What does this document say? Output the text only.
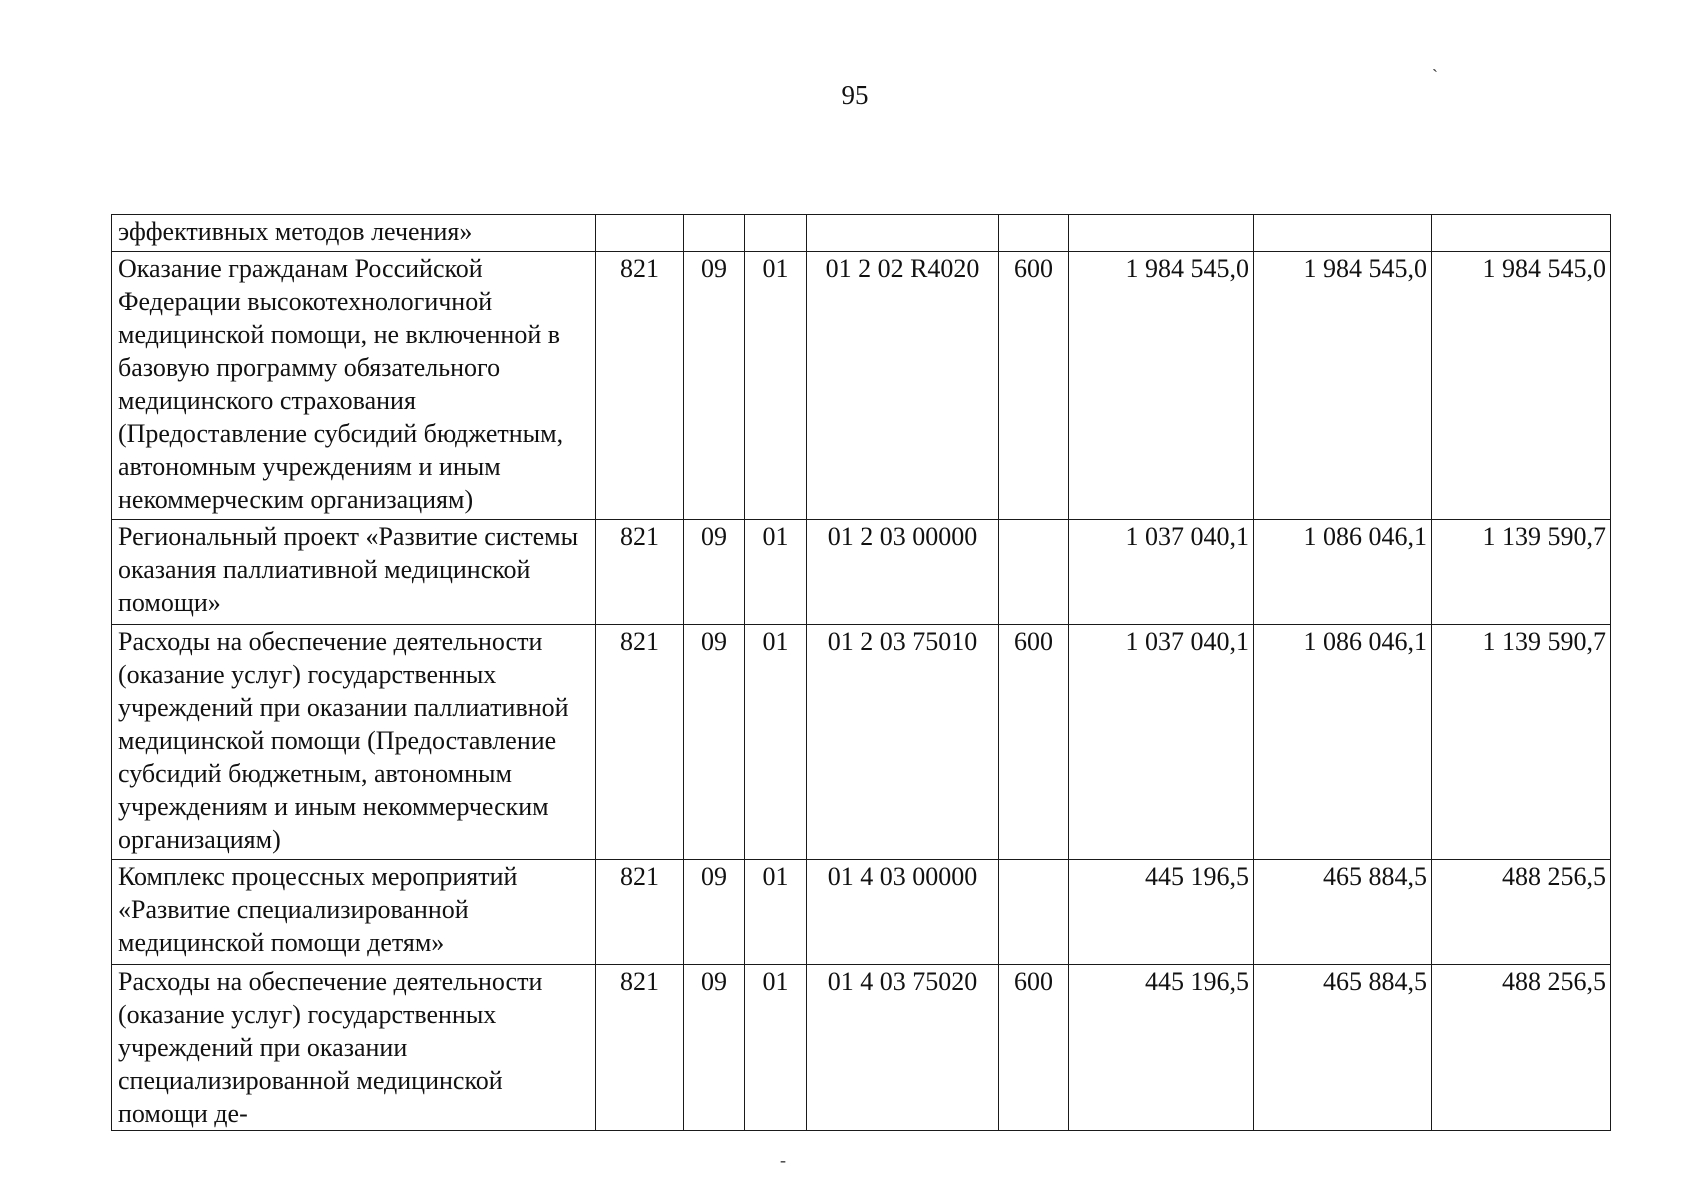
95
`
-
эффективных методов лечения»								
Оказание гражданам Российской Федерации высокотехнологичной медицинской помощи, не включенной в базовую программу обязательного медицинского страхования (Предоставление субсидий бюджетным, автономным учреждениям и иным некоммерческим организациям)	821	09	01	01 2 02 R4020	600	1 984 545,0	1 984 545,0	1 984 545,0
Региональный проект «Развитие системы оказания паллиативной медицинской помощи»	821	09	01	01 2 03 00000		1 037 040,1	1 086 046,1	1 139 590,7
Расходы на обеспечение деятельности (оказание услуг) государственных учреждений при оказании паллиативной медицинской помощи (Предоставление субсидий бюджетным, автономным учреждениям и иным некоммерческим организациям)	821	09	01	01 2 03 75010	600	1 037 040,1	1 086 046,1	1 139 590,7
Комплекс процессных мероприятий «Развитие специализированной медицинской помощи детям»	821	09	01	01 4 03 00000		445 196,5	465 884,5	488 256,5
Расходы на обеспечение деятельности (оказание услуг) государственных учреждений при оказании специализированной медицинской помощи де-	821	09	01	01 4 03 75020	600	445 196,5	465 884,5	488 256,5
